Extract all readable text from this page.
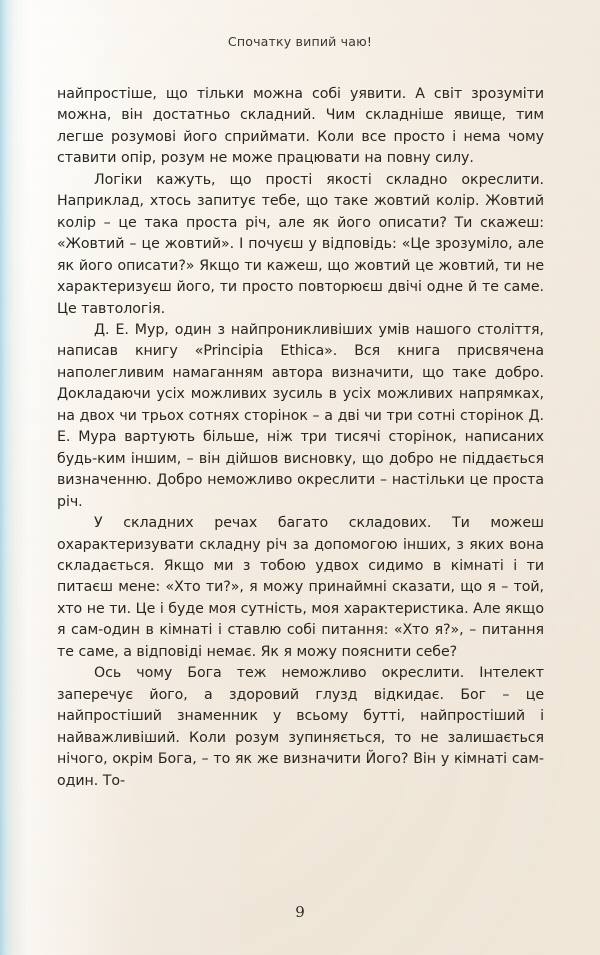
Спочатку випий чаю!

найпростіше, що тільки можна собі уявити. А світ зрозуміти можна, він достатньо складний. Чим складніше явище, тим легше розумові його сприймати. Коли все просто і нема чому ставити опір, розум не може працювати на повну силу.

Логіки кажуть, що прості якості складно окреслити. Наприклад, хтось запитує тебе, що таке жовтий колір. Жовтий колір – це така проста річ, але як його описати? Ти скажеш: «Жовтий – це жовтий». І почуєш у відповідь: «Це зрозуміло, але як його описати?» Якщо ти кажеш, що жовтий це жовтий, ти не характеризуєш його, ти просто повторюєш двічі одне й те саме. Це тавтологія.

Д. Е. Мур, один з найпроникливіших умів нашого століття, написав книгу «Principia Ethica». Вся книга присвячена наполегливим намаганням автора визначити, що таке добро. Докладаючи усіх можливих зусиль в усіх можливих напрямках, на двох чи трьох сотнях сторінок – а дві чи три сотні сторінок Д. Е. Мура вартують більше, ніж три тисячі сторінок, написаних будь-ким іншим, – він дійшов висновку, що добро не піддається визначенню. Добро неможливо окреслити – настільки це проста річ.

У складних речах багато складових. Ти можеш охарактеризувати складну річ за допомогою інших, з яких вона складається. Якщо ми з тобою удвох сидимо в кімнаті і ти питаєш мене: «Хто ти?», я можу принаймні сказати, що я – той, хто не ти. Це і буде моя сутність, моя характеристика. Але якщо я сам-один в кімнаті і ставлю собі питання: «Хто я?», – питання те саме, а відповіді немає. Як я можу пояснити себе?

Ось чому Бога теж неможливо окреслити. Інтелект заперечує його, а здоровий глузд відкидає. Бог – це найпростіший знаменник у всьому бутті, найпростіший і найважливіший. Коли розум зупиняється, то не залишається нічого, окрім Бога, – то як же визначити Його? Він у кімнаті сам-один. То-

9
